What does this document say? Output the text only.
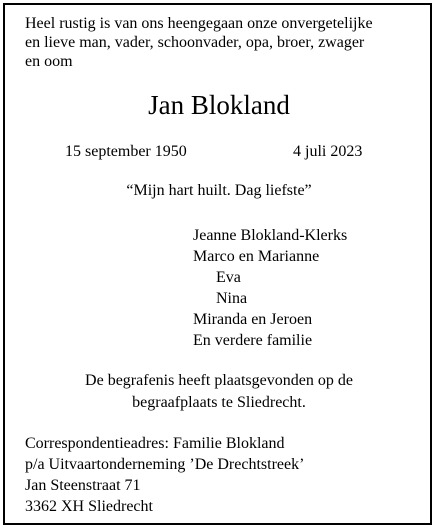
Heel rustig is van ons heengegaan onze onvergetelijke
en lieve man, vader, schoonvader, opa, broer, zwager
en oom
Jan Blokland
15 september 1950	4 juli 2023
“Mijn hart huilt. Dag liefste”
Jeanne Blokland-Klerks
Marco en Marianne
Eva
Nina
Miranda en Jeroen
En verdere familie
De begrafenis heeft plaatsgevonden op de
begraafplaats te Sliedrecht.
Correspondentieadres: Familie Blokland
p/a Uitvaartonderneming ’De Drechtstreek’
Jan Steenstraat 71
3362 XH Sliedrecht
